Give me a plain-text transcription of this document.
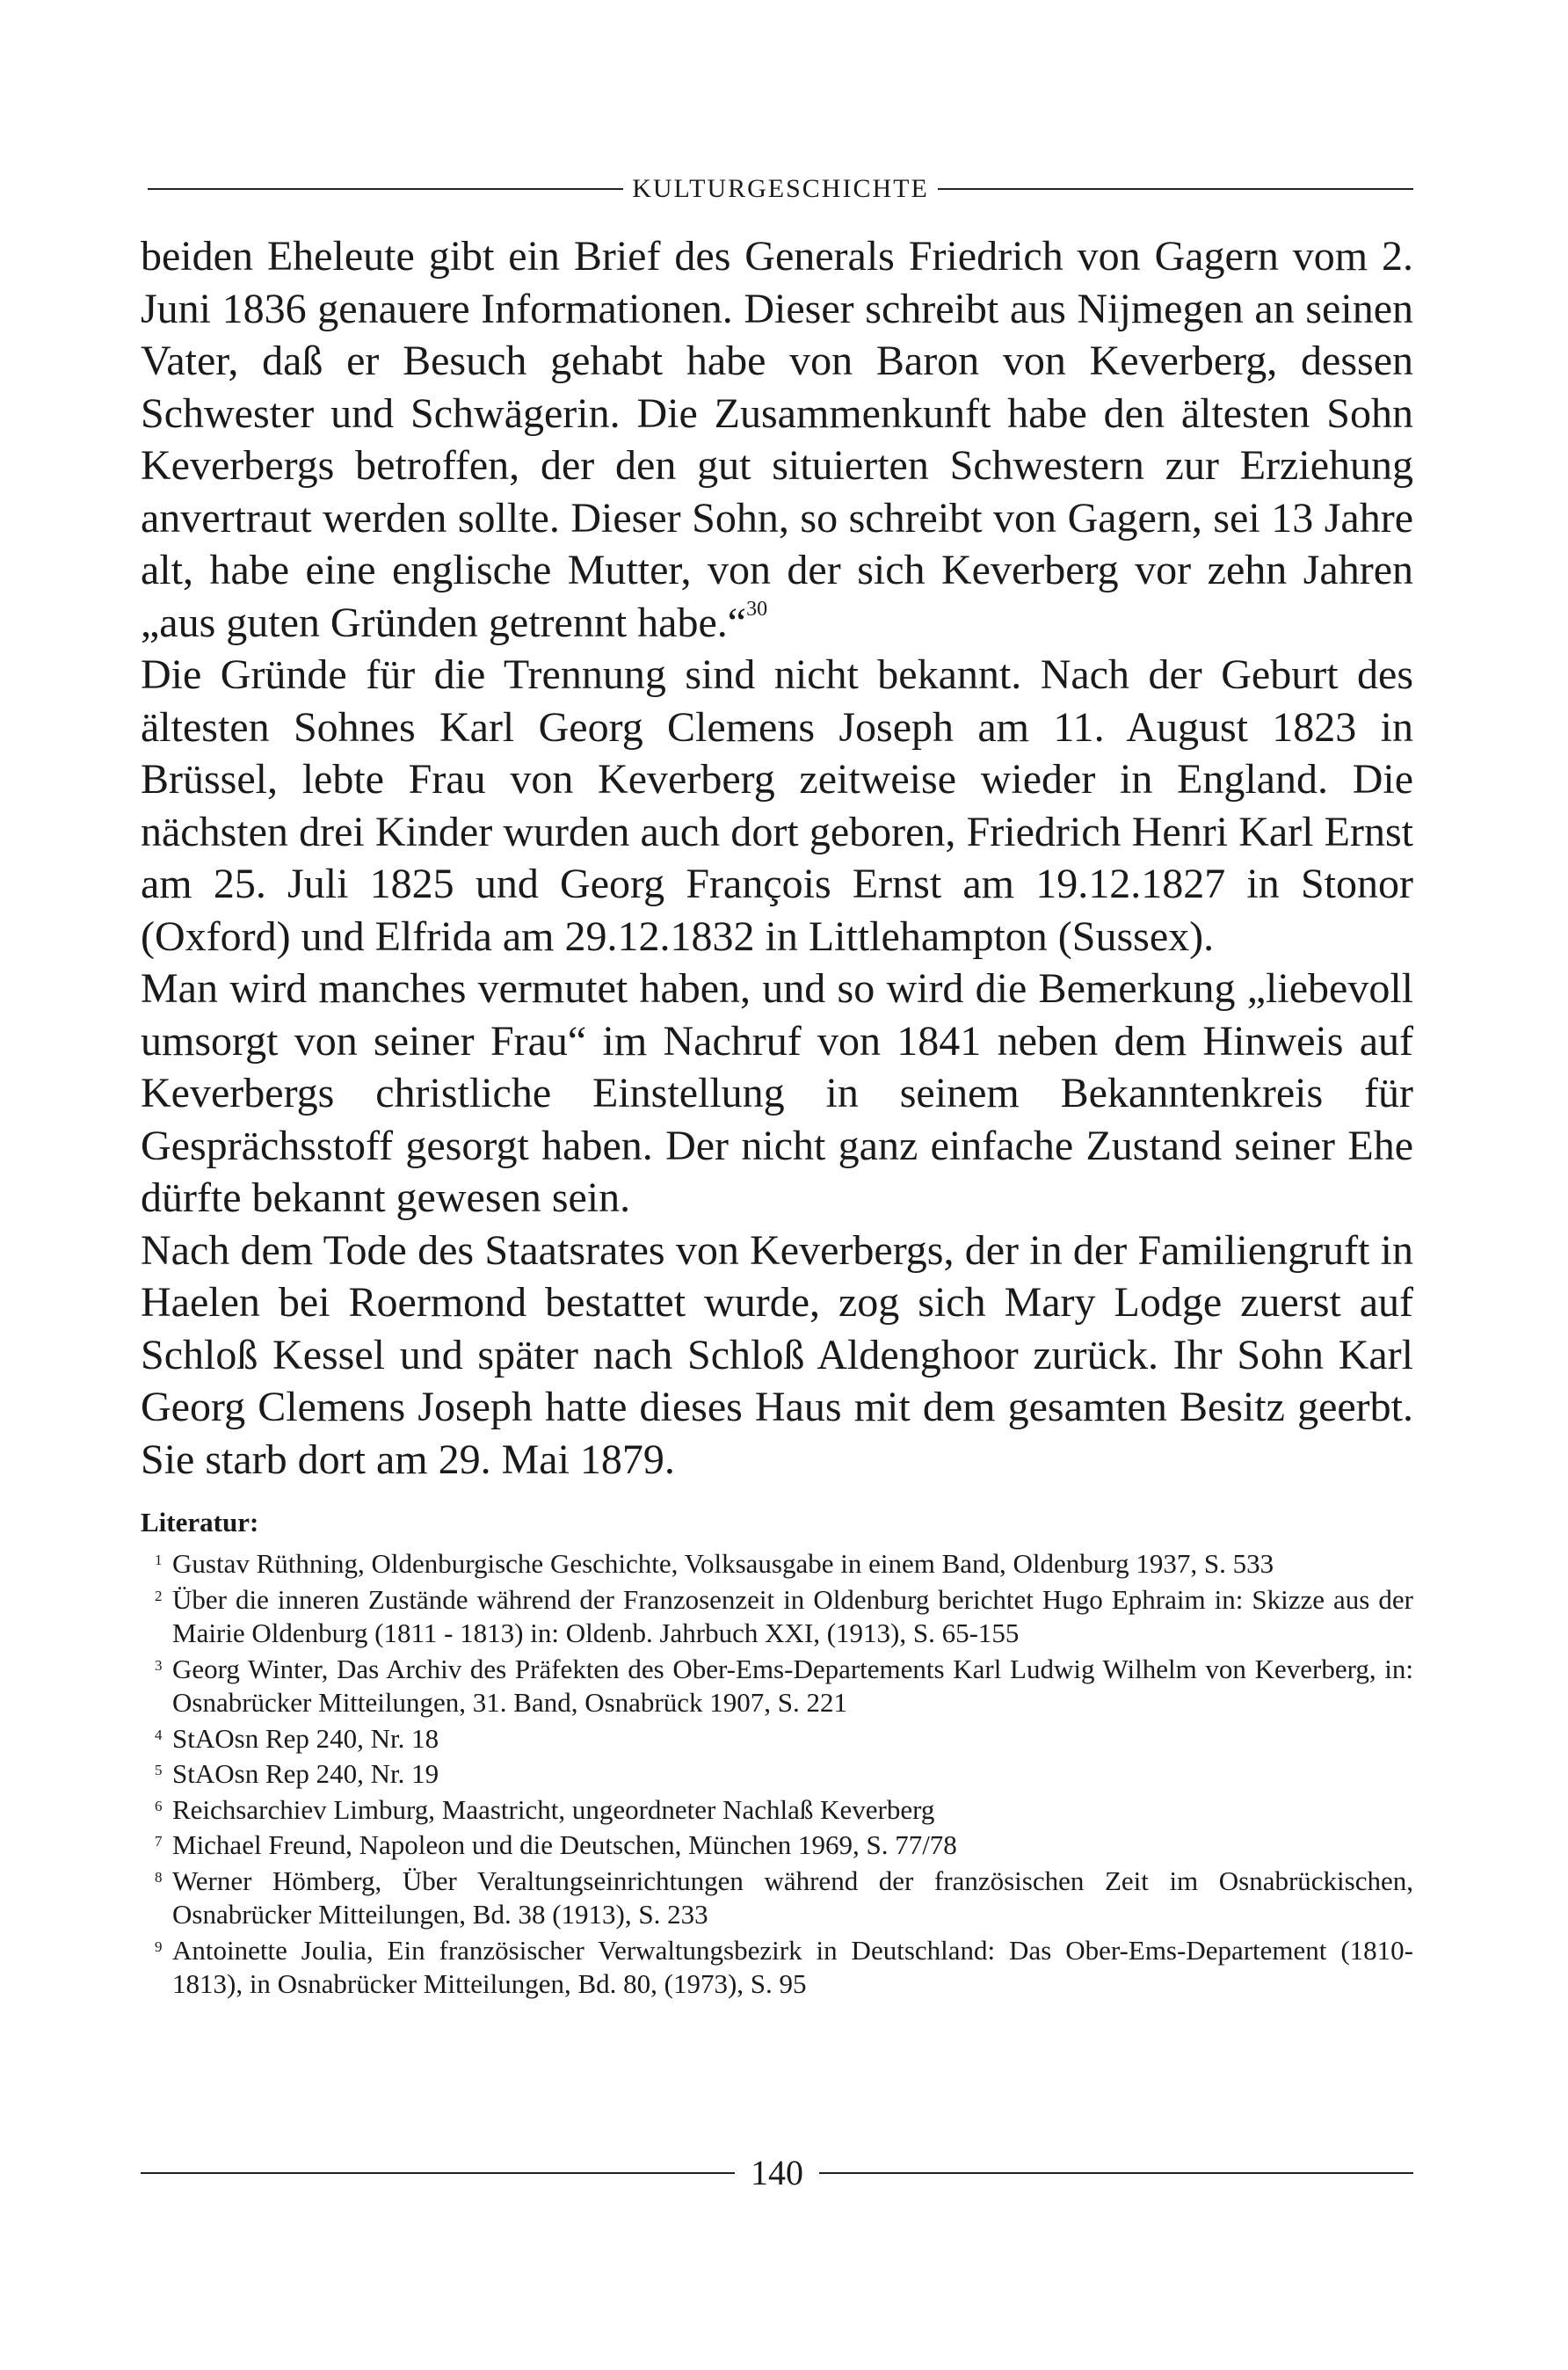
KULTURGESCHICHTE

beiden Eheleute gibt ein Brief des Generals Friedrich von Gagern vom 2. Juni 1836 genauere Informationen. Dieser schreibt aus Nijmegen an seinen Vater, daß er Besuch gehabt habe von Baron von Keverberg, dessen Schwester und Schwägerin. Die Zusammenkunft habe den ältesten Sohn Keverbergs betroffen, der den gut situierten Schwestern zur Erziehung anvertraut werden sollte. Dieser Sohn, so schreibt von Gagern, sei 13 Jahre alt, habe eine englische Mutter, von der sich Keverberg vor zehn Jahren „aus guten Gründen getrennt habe.“$^{30}$

Die Gründe für die Trennung sind nicht bekannt. Nach der Geburt des ältesten Sohnes Karl Georg Clemens Joseph am 11. August 1823 in Brüssel, lebte Frau von Keverberg zeitweise wieder in England. Die nächsten drei Kinder wurden auch dort geboren, Friedrich Henri Karl Ernst am 25. Juli 1825 und Georg François Ernst am 19.12.1827 in Stonor (Oxford) und Elfrida am 29.12.1832 in Littlehampton (Sussex).

Man wird manches vermutet haben, und so wird die Bemerkung „liebevoll umsorgt von seiner Frau“ im Nachruf von 1841 neben dem Hinweis auf Keverbergs christliche Einstellung in seinem Bekanntenkreis für Gesprächsstoff gesorgt haben. Der nicht ganz einfache Zustand seiner Ehe dürfte bekannt gewesen sein.

Nach dem Tode des Staatsrates von Keverbergs, der in der Familiengruft in Haelen bei Roermond bestattet wurde, zog sich Mary Lodge zuerst auf Schloß Kessel und später nach Schloß Aldenghoor zurück. Ihr Sohn Karl Georg Clemens Joseph hatte dieses Haus mit dem gesamten Besitz geerbt. Sie starb dort am 29. Mai 1879.

Literatur:
1 Gustav Rüthning, Oldenburgische Geschichte, Volksausgabe in einem Band, Oldenburg 1937, S. 533
2 Über die inneren Zustände während der Franzosenzeit in Oldenburg berichtet Hugo Ephraim in: Skizze aus der Mairie Oldenburg (1811 - 1813) in: Oldenb. Jahrbuch XXI, (1913), S. 65-155
3 Georg Winter, Das Archiv des Präfekten des Ober-Ems-Departements Karl Ludwig Wilhelm von Keverberg, in: Osnabrücker Mitteilungen, 31. Band, Osnabrück 1907, S. 221
4 StAOsn Rep 240, Nr. 18
5 StAOsn Rep 240, Nr. 19
6 Reichsarchiev Limburg, Maastricht, ungeordneter Nachlaß Keverberg
7 Michael Freund, Napoleon und die Deutschen, München 1969, S. 77/78
8 Werner Hömberg, Über Veraltungseinrichtungen während der französischen Zeit im Osnabrückischen, Osnabrücker Mitteilungen, Bd. 38 (1913), S. 233
9 Antoinette Joulia, Ein französischer Verwaltungsbezirk in Deutschland: Das Ober-Ems-Departement (1810-1813), in Osnabrücker Mitteilungen, Bd. 80, (1973), S. 95
140
